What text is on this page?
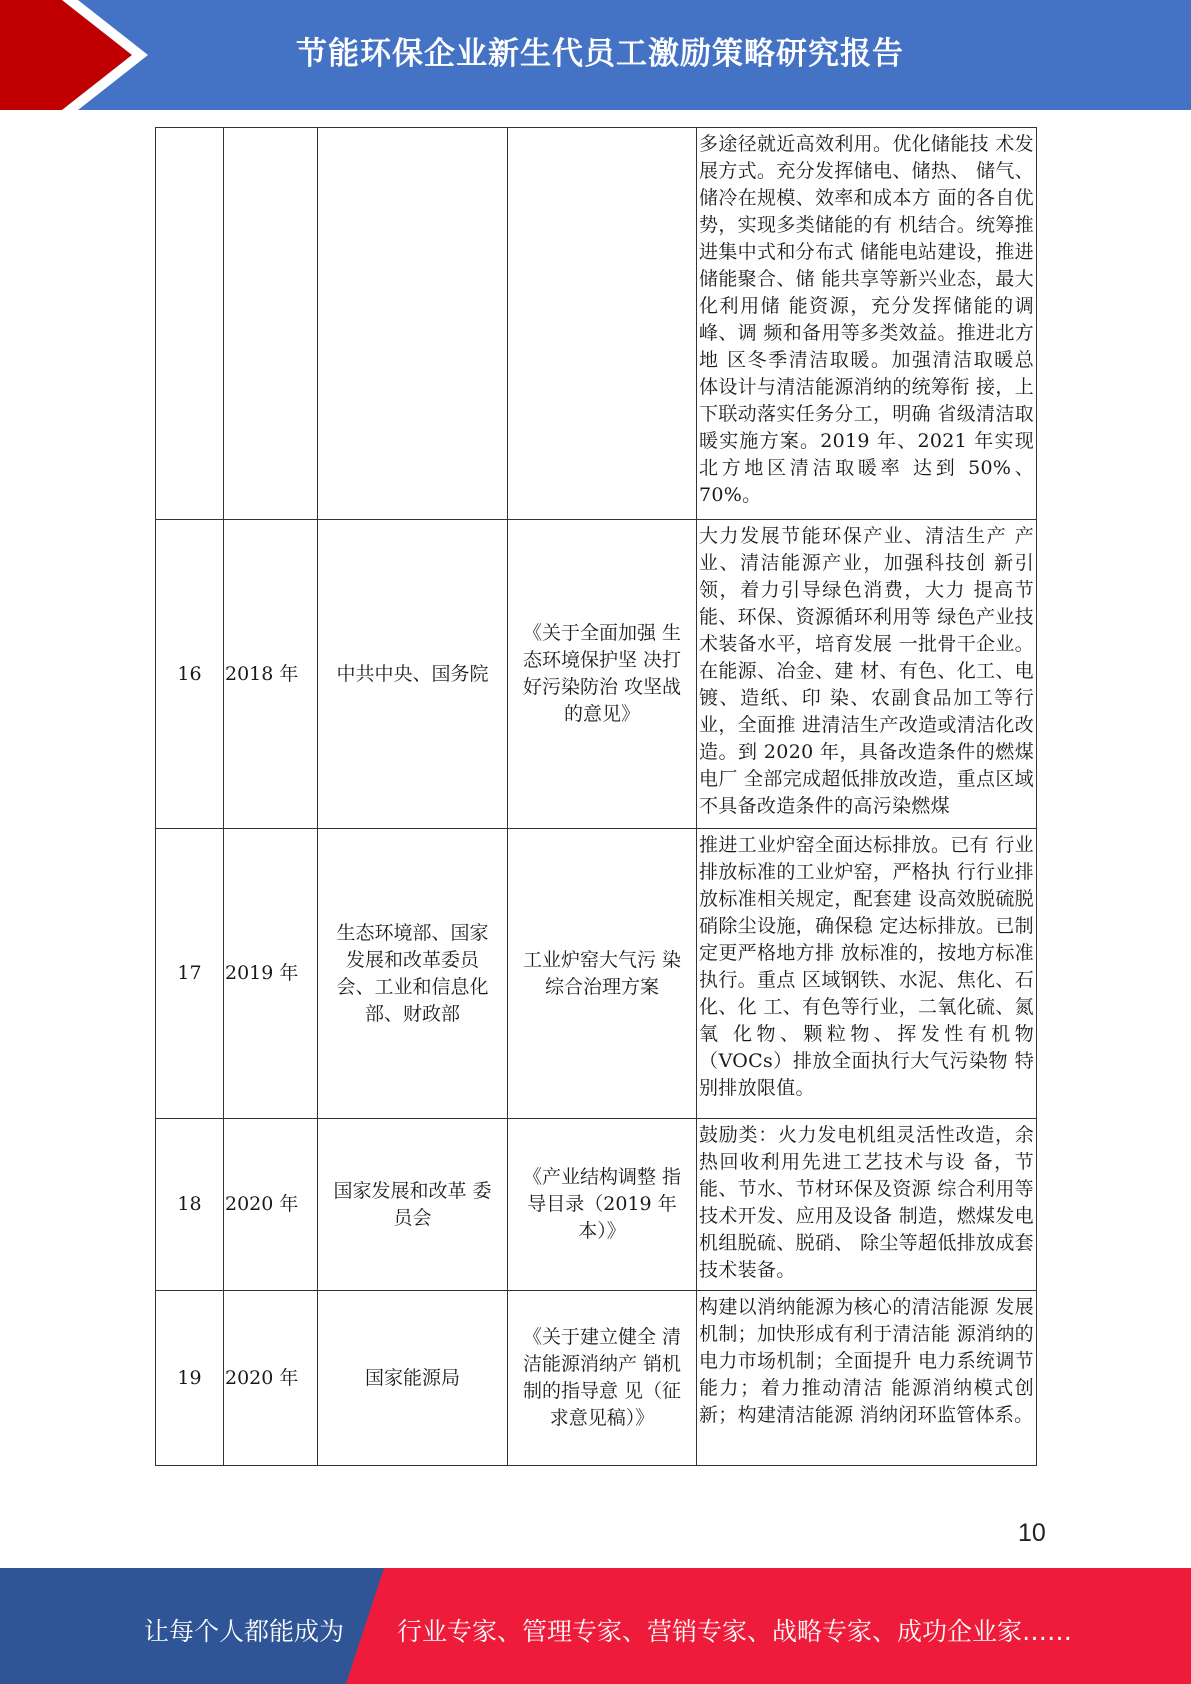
节能环保企业新生代员工激励策略研究报告
				多途径就近高效利用。优化储能技 术发展方式。充分发挥储电、储热、 储气、储冷在规模、效率和成本方 面的各自优势，实现多类储能的有 机结合。统筹推进集中式和分布式 储能电站建设，推进储能聚合、储 能共享等新兴业态，最大化利用储 能资源，充分发挥储能的调峰、调 频和备用等多类效益。推进北方地 区冬季清洁取暖。加强清洁取暖总 体设计与清洁能源消纳的统筹衔 接，上下联动落实任务分工，明确 省级清洁取暖实施方案。2019 年、2021 年实现北方地区清洁取暖率 达到 50%、70%。
16	2018 年	中共中央、国务院	《关于全面加强 生态环境保护坚 决打好污染防治 攻坚战的意见》	大力发展节能环保产业、清洁生产 产业、清洁能源产业，加强科技创 新引领，着力引导绿色消费，大力 提高节能、环保、资源循环利用等 绿色产业技术装备水平，培育发展 一批骨干企业。在能源、冶金、建 材、有色、化工、电镀、造纸、印 染、农副食品加工等行业，全面推 进清洁生产改造或清洁化改造。到 2020 年，具备改造条件的燃煤电厂 全部完成超低排放改造，重点区域 不具备改造条件的高污染燃煤
17	2019 年	生态环境部、国家发展和改革委员会、工业和信息化部、财政部	工业炉窑大气污 染综合治理方案	推进工业炉窑全面达标排放。已有 行业排放标准的工业炉窑，严格执 行行业排放标准相关规定，配套建 设高效脱硫脱硝除尘设施，确保稳 定达标排放。已制定更严格地方排 放标准的，按地方标准执行。重点 区域钢铁、水泥、焦化、石化、化 工、有色等行业，二氧化硫、氮氧 化物、颗粒物、挥发性有机物 （VOCs）排放全面执行大气污染物 特别排放限值。
18	2020 年	国家发展和改革 委员会	《产业结构调整 指导目录（2019 年本）》	鼓励类：火力发电机组灵活性改造，余热回收利用先进工艺技术与设 备，节能、节水、节材环保及资源 综合利用等技术开发、应用及设备 制造，燃煤发电机组脱硫、脱硝、 除尘等超低排放成套技术装备。
19	2020 年	国家能源局	《关于建立健全 清洁能源消纳产 销机制的指导意 见（征求意见稿）》	构建以消纳能源为核心的清洁能源 发展机制；加快形成有利于清洁能 源消纳的电力市场机制；全面提升 电力系统调节能力；着力推动清洁 能源消纳模式创新；构建清洁能源 消纳闭环监管体系。
10
让每个人都能成为 行业专家、管理专家、营销专家、战略专家、成功企业家……
